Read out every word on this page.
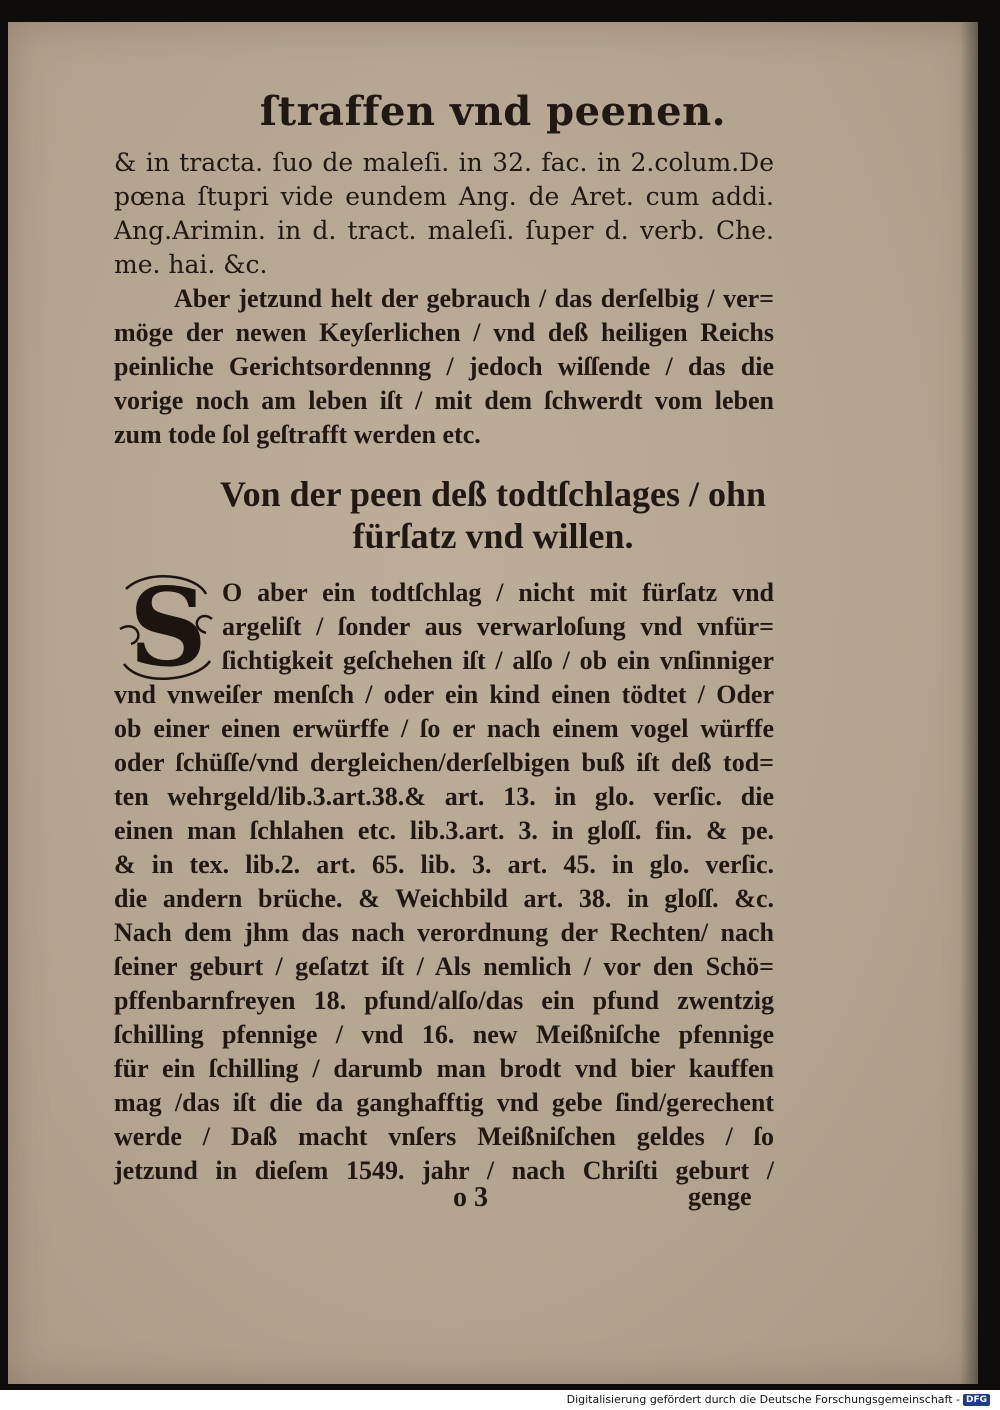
ſtraffen vnd peenen.
& in tracta. ſuo de maleſi. in 32. fac. in 2.colum.De
pœna ſtupri vide eundem Ang. de Aret. cum addi.
Ang.Arimin. in d. tract. maleſi. ſuper d. verb. Che.
me. hai. &c.
Aber jetzund helt der gebrauch / das derſelbig / ver=
möge der newen Keyſerlichen / vnd deß heiligen Reichs
peinliche Gerichtsordennng / jedoch wiſſende / das die
vorige noch am leben iſt / mit dem ſchwerdt vom leben
zum tode ſol geſtrafft werden etc.
Von der peen deß todtſchlages / ohn
fürſatz vnd willen.
S O aber ein todtſchlag / nicht mit fürſatz vnd
argeliſt / ſonder aus verwarloſung vnd vnfür=
ſichtigkeit geſchehen iſt / alſo / ob ein vnſinniger
vnd vnweiſer menſch / oder ein kind einen tödtet / Oder
ob einer einen erwürffe / ſo er nach einem vogel würffe
oder ſchüſſe/vnd dergleichen/derſelbigen buß iſt deß tod=
ten wehrgeld/lib.3.art.38.& art. 13. in glo. verſic. die
einen man ſchlahen etc. lib.3.art. 3. in gloſſ. fin. & pe.
& in tex. lib.2. art. 65. lib. 3. art. 45. in glo. verſic.
die andern brüche. & Weichbild art. 38. in gloſſ. &c.
Nach dem jhm das nach verordnung der Rechten/ nach
ſeiner geburt / geſatzt iſt / Als nemlich / vor den Schö=
pffenbarnfreyen 18. pfund/alſo/das ein pfund zwentzig
ſchilling pfennige / vnd 16. new Meißniſche pfennige
für ein ſchilling / darumb man brodt vnd bier kauffen
mag /das iſt die da ganghafftig vnd gebe ſind/gerechent
werde / Daß macht vnſers Meißniſchen geldes / ſo
jetzund in dieſem 1549. jahr / nach Chriſti geburt /
o 3	genge
Digitalisierung gefördert durch die Deutsche Forschungsgemeinschaft - DFG
